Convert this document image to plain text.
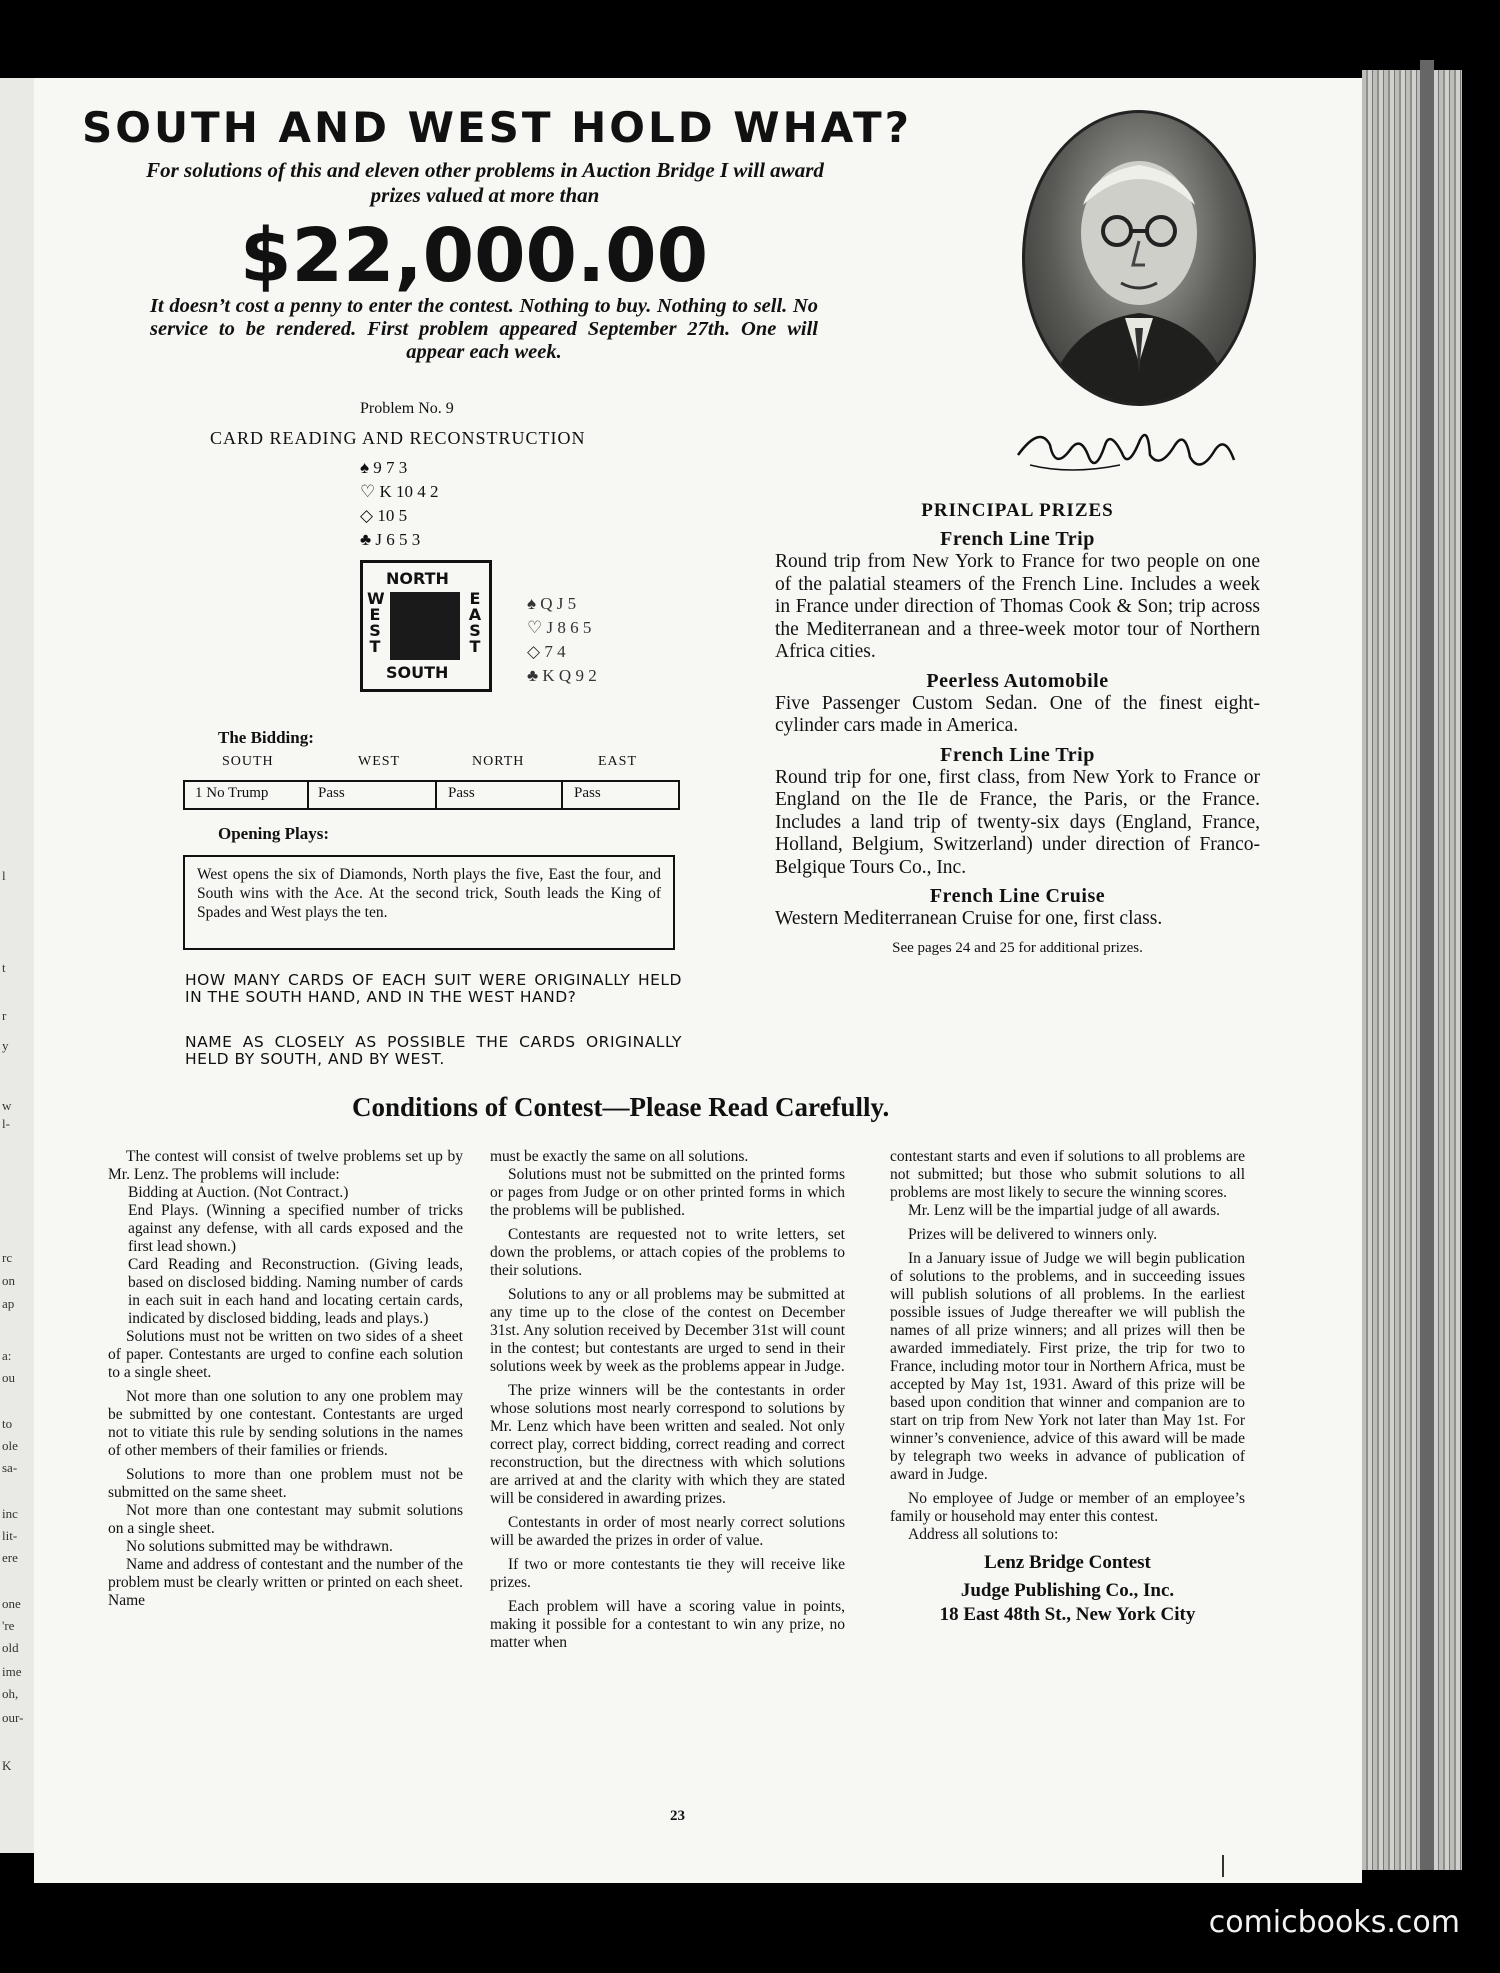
l
t
r
y
w
l-
rc
on
ap
a:
ou
to
ole
sa-
inc
lit-
ere
one
're
old
ime
oh,
our-
K
SOUTH AND WEST HOLD WHAT?
For solutions of this and eleven other problems in Auction Bridge I will award prizes valued at more than
$22,000.00
It doesn’t cost a penny to enter the contest. Nothing to buy. Nothing to sell. No service to be rendered. First problem appeared September 27th. One will appear each week.
Problem No. 9
CARD READING AND RECONSTRUCTION
♠ 9 7 3
♡ K 10 4 2
◇ 10 5
♣ J 6 5 3
NORTH
SOUTH
WEST
EAST
♠ Q J 5
♡ J 8 6 5
◇ 7 4
♣ K Q 9 2
The Bidding:
SOUTH	WEST	NORTH	EAST
1 No Trump	Pass	Pass	Pass
Opening Plays:

West opens the six of Diamonds, North plays the five, East the four, and South wins with the Ace. At the second trick, South leads the King of Spades and West plays the ten.

HOW MANY CARDS OF EACH SUIT WERE ORIGINALLY HELD IN THE SOUTH HAND, AND IN THE WEST HAND?
NAME AS CLOSELY AS POSSIBLE THE CARDS ORIGINALLY HELD BY SOUTH, AND BY WEST.
PRINCIPAL PRIZES
French Line Trip

Round trip from New York to France for two people on one of the palatial steamers of the French Line. Includes a week in France under direction of Thomas Cook & Son; trip across the Mediterranean and a three-week motor tour of Northern Africa cities.

Peerless Automobile

Five Passenger Custom Sedan. One of the finest eight-cylinder cars made in America.

French Line Trip

Round trip for one, first class, from New York to France or England on the Ile de France, the Paris, or the France. Includes a land trip of twenty-six days (England, France, Holland, Belgium, Switzerland) under direction of Franco-Belgique Tours Co., Inc.

French Line Cruise

Western Mediterranean Cruise for one, first class.

See pages 24 and 25 for additional prizes.

Conditions of Contest—Please Read Carefully.

The contest will consist of twelve problems set up by Mr. Lenz. The problems will include:

Bidding at Auction. (Not Contract.)

End Plays. (Winning a specified number of tricks against any defense, with all cards exposed and the first lead shown.)

Card Reading and Reconstruction. (Giving leads, based on disclosed bidding. Naming number of cards in each suit in each hand and locating certain cards, indicated by disclosed bidding, leads and plays.)

Solutions must not be written on two sides of a sheet of paper. Contestants are urged to confine each solution to a single sheet.

Not more than one solution to any one problem may be submitted by one contestant. Contestants are urged not to vitiate this rule by sending solutions in the names of other members of their families or friends.

Solutions to more than one problem must not be submitted on the same sheet.

Not more than one contestant may submit solutions on a single sheet.

No solutions submitted may be withdrawn.

Name and address of contestant and the number of the problem must be clearly written or printed on each sheet. Name

must be exactly the same on all solutions.

Solutions must not be submitted on the printed forms or pages from Judge or on other printed forms in which the problems will be published.

Contestants are requested not to write letters, set down the problems, or attach copies of the problems to their solutions.

Solutions to any or all problems may be submitted at any time up to the close of the contest on December 31st. Any solution received by December 31st will count in the contest; but contestants are urged to send in their solutions week by week as the problems appear in Judge.

The prize winners will be the contestants in order whose solutions most nearly correspond to solutions by Mr. Lenz which have been written and sealed. Not only correct play, correct bidding, correct reading and correct reconstruction, but the directness with which solutions are arrived at and the clarity with which they are stated will be considered in awarding prizes.

Contestants in order of most nearly correct solutions will be awarded the prizes in order of value.

If two or more contestants tie they will receive like prizes.

Each problem will have a scoring value in points, making it possible for a contestant to win any prize, no matter when

contestant starts and even if solutions to all problems are not submitted; but those who submit solutions to all problems are most likely to secure the winning scores.

Mr. Lenz will be the impartial judge of all awards.

Prizes will be delivered to winners only.

In a January issue of Judge we will begin publication of solutions to the problems, and in succeeding issues will publish solutions of all problems. In the earliest possible issues of Judge thereafter we will publish the names of all prize winners; and all prizes will then be awarded immediately. First prize, the trip for two to France, including motor tour in Northern Africa, must be accepted by May 1st, 1931. Award of this prize will be based upon condition that winner and companion are to start on trip from New York not later than May 1st. For winner’s convenience, advice of this award will be made by telegraph two weeks in advance of publication of award in Judge.

No employee of Judge or member of an employee’s family or household may enter this contest.

Address all solutions to:

Lenz Bridge Contest

Judge Publishing Co., Inc.

18 East 48th St., New York City

23
comicbooks.com
